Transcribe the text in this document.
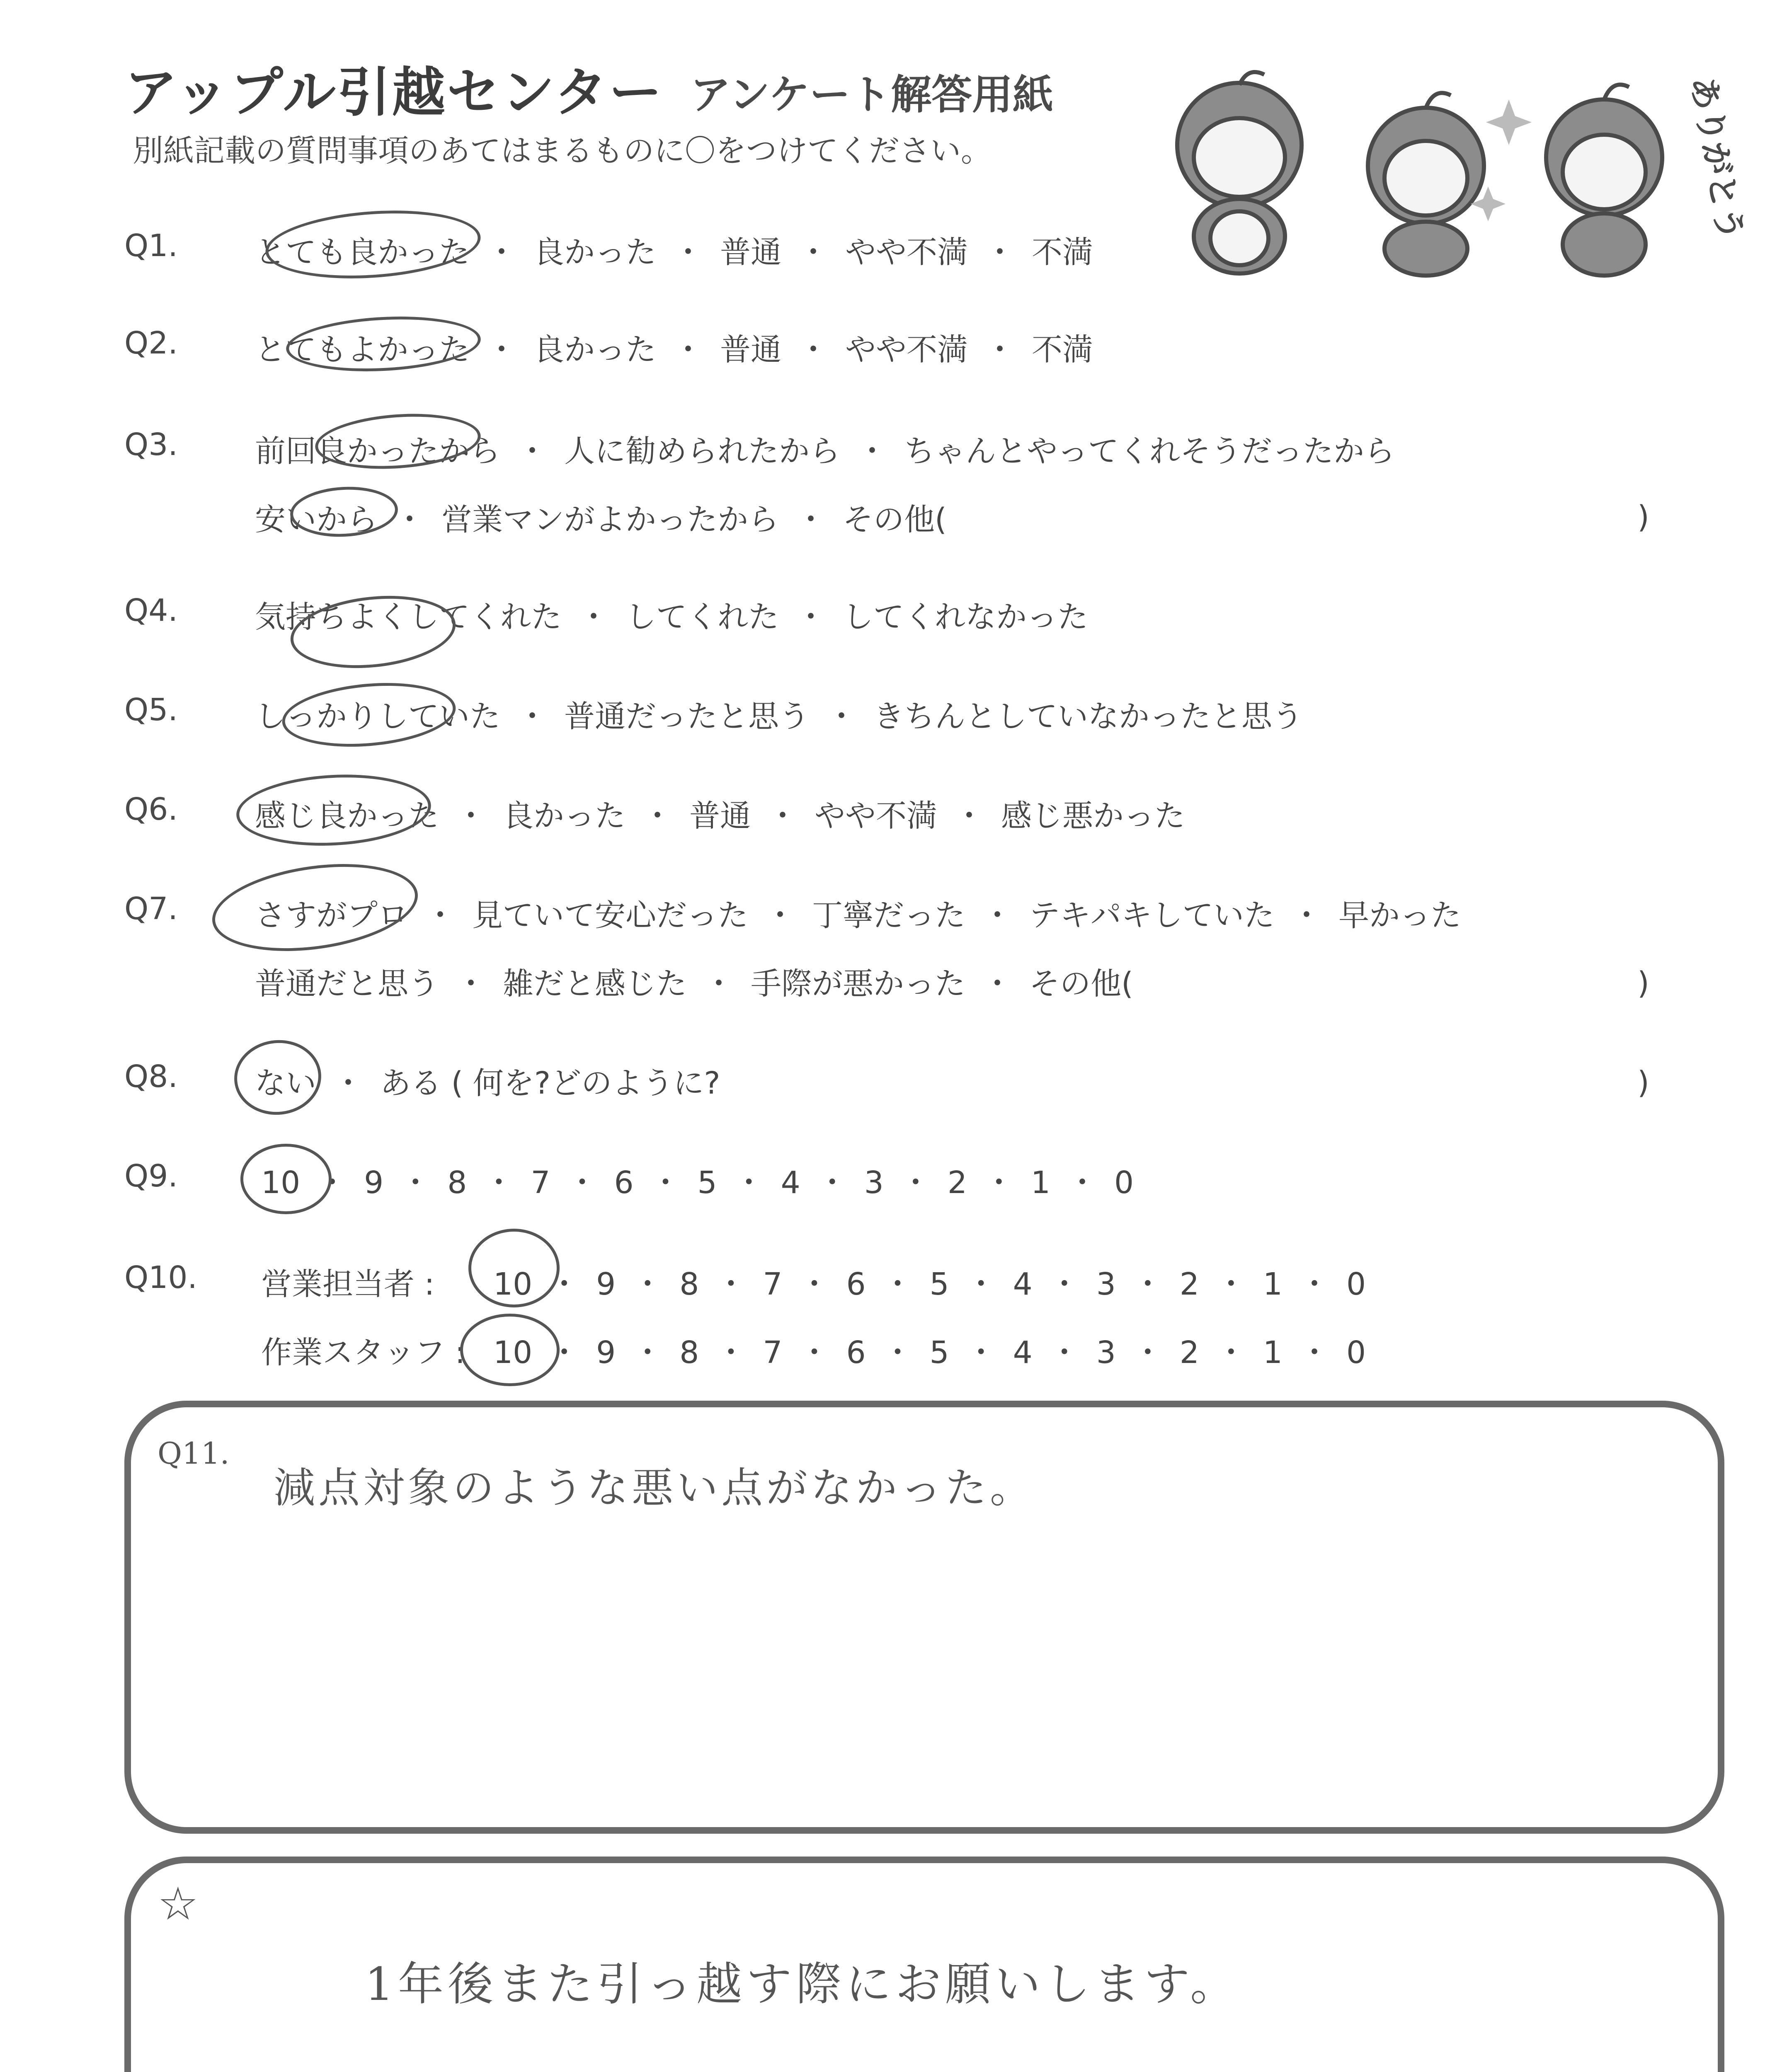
アップル引越センター アンケート解答用紙
別紙記載の質問事項のあてはまるものに〇をつけてください。	ありがとう
Q1.	とても良かった ・ 良かった ・ 普通 ・ やや不満 ・ 不満
Q2.	とてもよかった ・ 良かった ・ 普通 ・ やや不満 ・ 不満
Q3.	前回良かったから ・ 人に勧められたから ・ ちゃんとやってくれそうだったから
安いから ・ 営業マンがよかったから ・ その他(	)
Q4.	気持ちよくしてくれた ・ してくれた ・ してくれなかった
Q5.	しっかりしていた ・ 普通だったと思う ・ きちんとしていなかったと思う
Q6.	感じ良かった ・ 良かった ・ 普通 ・ やや不満 ・ 感じ悪かった
Q7.	さすがプロ ・ 見ていて安心だった ・ 丁寧だった ・ テキパキしていた ・ 早かった
普通だと思う ・ 雑だと感じた ・ 手際が悪かった ・ その他(	)
Q8.	ない ・ ある ( 何を?どのように?	)
Q9.	10 ・ 9 ・ 8 ・ 7 ・ 6 ・ 5 ・ 4 ・ 3 ・ 2 ・ 1 ・ 0
Q10. 営業担当者 : 10 ・ 9 ・ 8 ・ 7 ・ 6 ・ 5 ・ 4 ・ 3 ・ 2 ・ 1 ・ 0
作業スタッフ : 10 ・ 9 ・ 8 ・ 7 ・ 6 ・ 5 ・ 4 ・ 3 ・ 2 ・ 1 ・ 0
Q11.
減点対象のような悪い点がなかった。
☆
1年後また引っ越す際にお願いします。
